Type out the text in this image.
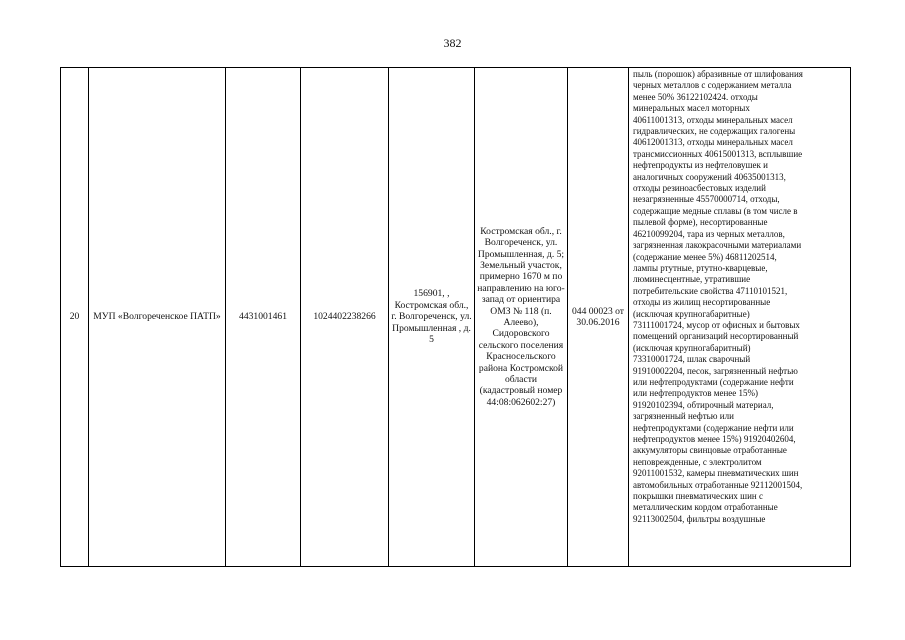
382
20	МУП «Волгореченское ПАТП»	4431001461	1024402238266	156901, , Костромская обл., г. Волгореченск, ул. Промышленная , д. 5	Костромская обл., г. Волгореченск, ул. Промышленная, д. 5; Земельный участок, примерно 1670 м по направлению на юго-запад от ориентира ОМЗ № 118 (п. Алеево), Сидоровского сельского поселения Красносельского района Костромской области (кадастровый номер 44:08:062602:27)	044 00023 от 30.06.2016	пыль (порошок) абразивные от шлифования
черных металлов с содержанием металла
менее 50% 36122102424. отходы
минеральных масел моторных
40611001313, отходы минеральных масел
гидравлических, не содержащих галогены
40612001313, отходы минеральных масел
трансмиссионных 40615001313, всплывшие
нефтепродукты из нефтеловушек и
аналогичных сооружений 40635001313,
отходы резиноасбестовых изделий
незагрязненные 45570000714, отходы,
содержащие медные сплавы (в том числе в
пылевой форме), несортированные
46210099204, тара из черных металлов,
загрязненная лакокрасочными материалами
(содержание менее 5%) 46811202514,
лампы ртутные, ртутно-кварцевые,
люминесцентные, утратившие
потребительские свойства 47110101521,
отходы из жилищ несортированные
(исключая крупногабаритные)
73111001724, мусор от офисных и бытовых
помещений организаций несортированный
(исключая крупногабаритный)
73310001724, шлак сварочный
91910002204, песок, загрязненный нефтью
или нефтепродуктами (содержание нефти
или нефтепродуктов менее 15%)
91920102394, обтирочный материал,
загрязненный нефтью или
нефтепродуктами (содержание нефти или
нефтепродуктов менее 15%) 91920402604,
аккумуляторы свинцовые отработанные
неповрежденные, с электролитом
92011001532, камеры пневматических шин
автомобильных отработанные 92112001504,
покрышки пневматических шин с
металлическим кордом отработанные
92113002504, фильтры воздушные
